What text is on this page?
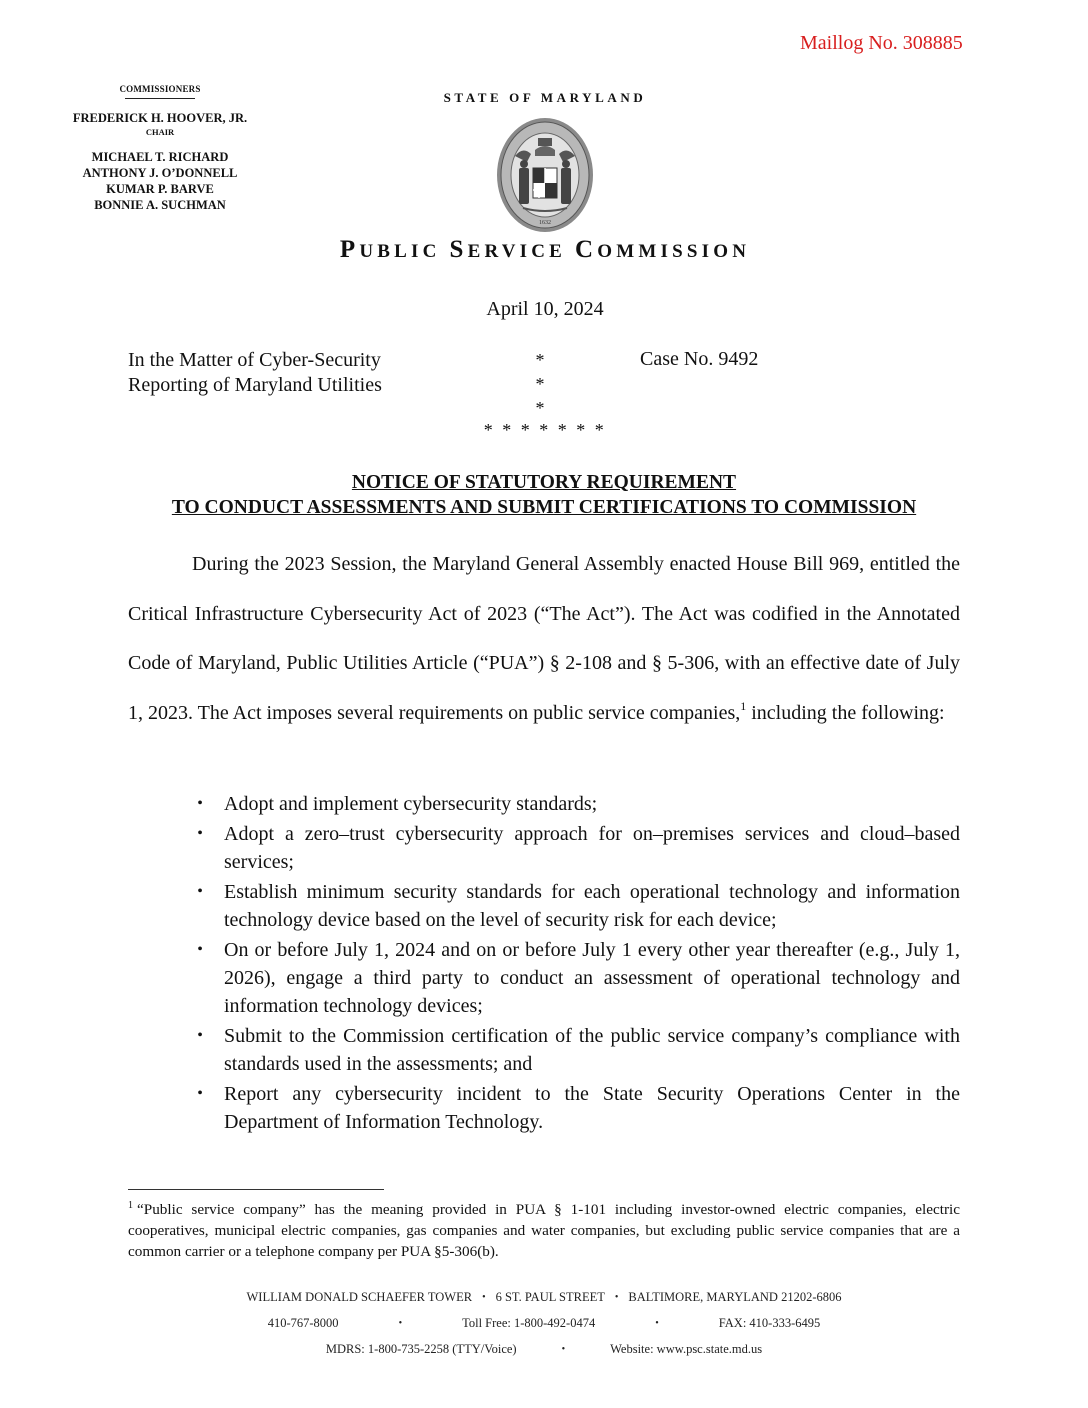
Maillog No. 308885
COMMISSIONERS
FREDERICK H. HOOVER, JR.
CHAIR
MICHAEL T. RICHARD
ANTHONY J. O’DONNELL
KUMAR P. BARVE
BONNIE A. SUCHMAN
STATE OF MARYLAND
1632
PUBLIC SERVICE COMMISSION
April 10, 2024
In the Matter of Cyber-Security
Reporting of Maryland Utilities
*
*
*
* * * * * * *
Case No. 9492
NOTICE OF STATUTORY REQUIREMENT
TO CONDUCT ASSESSMENTS AND SUBMIT CERTIFICATIONS TO COMMISSION
During the 2023 Session, the Maryland General Assembly enacted House Bill 969, entitled the Critical Infrastructure Cybersecurity Act of 2023 (“The Act”). The Act was codified in the Annotated Code of Maryland, Public Utilities Article (“PUA”) § 2-108 and § 5-306, with an effective date of July 1, 2023. The Act imposes several requirements on public service companies,$^1$ including the following:
• Adopt and implement cybersecurity standards;
• Adopt a zero–trust cybersecurity approach for on–premises services and cloud–based services;
• Establish minimum security standards for each operational technology and information technology device based on the level of security risk for each device;
• On or before July 1, 2024 and on or before July 1 every other year thereafter (e.g., July 1, 2026), engage a third party to conduct an assessment of operational technology and information technology devices;
• Submit to the Commission certification of the public service company’s compliance with standards used in the assessments; and
• Report any cybersecurity incident to the State Security Operations Center in the Department of Information Technology.
$^1$ “Public service company” has the meaning provided in PUA § 1-101 including investor-owned electric companies, electric cooperatives, municipal electric companies, gas companies and water companies, but excluding public service companies that are a common carrier or a telephone company per PUA §5-306(b).
WILLIAM DONALD SCHAEFER TOWER • 6 ST. PAUL STREET • BALTIMORE, MARYLAND 21202-6806
410-767-8000	•	Toll Free: 1-800-492-0474	•	FAX: 410-333-6495
MDRS: 1-800-735-2258 (TTY/Voice)	•	Website: www.psc.state.md.us
